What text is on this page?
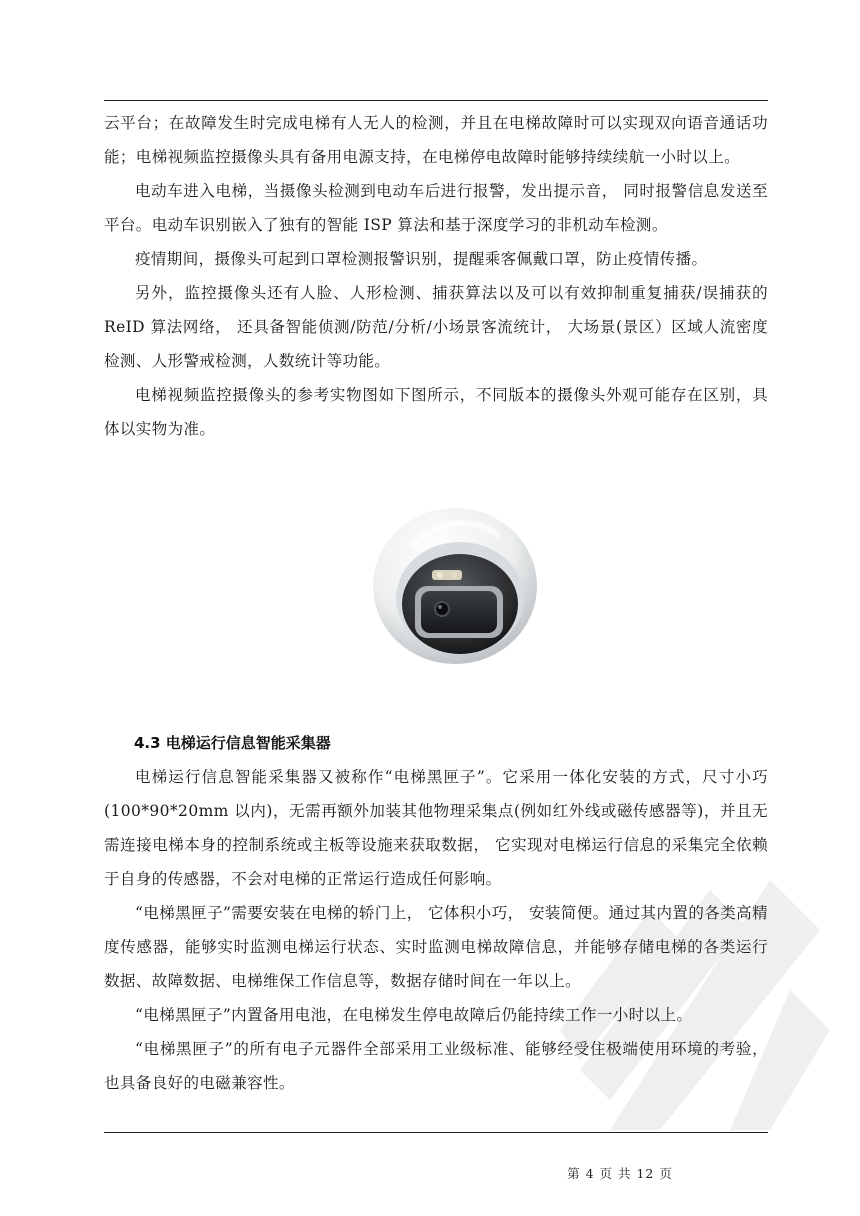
云平台；在故障发生时完成电梯有人无人的检测，并且在电梯故障时可以实现双向语音通话功能；电梯视频监控摄像头具有备用电源支持，在电梯停电故障时能够持续续航一小时以上。

电动车进入电梯，当摄像头检测到电动车后进行报警，发出提示音， 同时报警信息发送至平台。电动车识别嵌入了独有的智能 ISP 算法和基于深度学习的非机动车检测。

疫情期间，摄像头可起到口罩检测报警识别，提醒乘客佩戴口罩，防止疫情传播。

另外，监控摄像头还有人脸、人形检测、捕获算法以及可以有效抑制重复捕获/误捕获的 ReID 算法网络， 还具备智能侦测/防范/分析/小场景客流统计， 大场景(景区）区域人流密度检测、人形警戒检测，人数统计等功能。

电梯视频监控摄像头的参考实物图如下图所示，不同版本的摄像头外观可能存在区别，具体以实物为准。

4.3 电梯运行信息智能采集器

电梯运行信息智能采集器又被称作“电梯黑匣子”。它采用一体化安装的方式，尺寸小巧(100*90*20mm 以内)，无需再额外加装其他物理采集点(例如红外线或磁传感器等)，并且无需连接电梯本身的控制系统或主板等设施来获取数据， 它实现对电梯运行信息的采集完全依赖于自身的传感器，不会对电梯的正常运行造成任何影响。

“电梯黑匣子”需要安装在电梯的轿门上， 它体积小巧， 安装简便。通过其内置的各类高精度传感器，能够实时监测电梯运行状态、实时监测电梯故障信息，并能够存储电梯的各类运行数据、故障数据、电梯维保工作信息等，数据存储时间在一年以上。

“电梯黑匣子”内置备用电池，在电梯发生停电故障后仍能持续工作一小时以上。

“电梯黑匣子”的所有电子元器件全部采用工业级标准、能够经受住极端使用环境的考验，也具备良好的电磁兼容性。

第 4 页 共 12 页
